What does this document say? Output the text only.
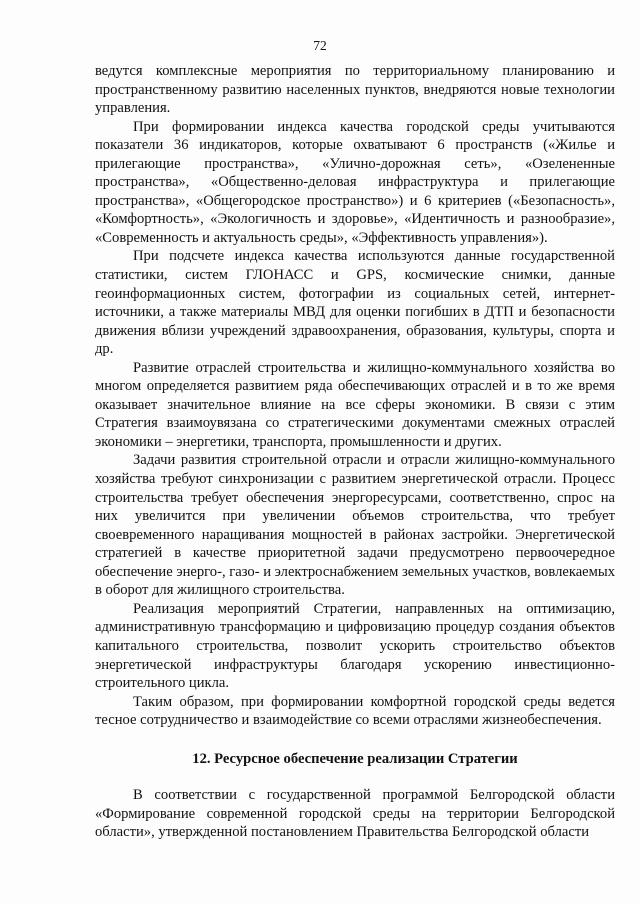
72

ведутся комплексные мероприятия по территориальному планированию и пространственному развитию населенных пунктов, внедряются новые технологии управления.

При формировании индекса качества городской среды учитываются показатели 36 индикаторов, которые охватывают 6 пространств («Жилье и прилегающие пространства», «Улично-дорожная сеть», «Озелененные пространства», «Общественно-деловая инфраструктура и прилегающие пространства», «Общегородское пространство») и 6 критериев («Безопасность», «Комфортность», «Экологичность и здоровье», «Идентичность и разнообразие», «Современность и актуальность среды», «Эффективность управления»).

При подсчете индекса качества используются данные государственной статистики, систем ГЛОНАСС и GPS, космические снимки, данные геоинформационных систем, фотографии из социальных сетей, интернет-источники, а также материалы МВД для оценки погибших в ДТП и безопасности движения вблизи учреждений здравоохранения, образования, культуры, спорта и др.

Развитие отраслей строительства и жилищно-коммунального хозяйства во многом определяется развитием ряда обеспечивающих отраслей и в то же время оказывает значительное влияние на все сферы экономики. В связи с этим Стратегия взаимоувязана со стратегическими документами смежных отраслей экономики – энергетики, транспорта, промышленности и других.

Задачи развития строительной отрасли и отрасли жилищно-коммунального хозяйства требуют синхронизации с развитием энергетической отрасли. Процесс строительства требует обеспечения энергоресурсами, соответственно, спрос на них увеличится при увеличении объемов строительства, что требует своевременного наращивания мощностей в районах застройки. Энергетической стратегией в качестве приоритетной задачи предусмотрено первоочередное обеспечение энерго-, газо- и электроснабжением земельных участков, вовлекаемых в оборот для жилищного строительства.

Реализация мероприятий Стратегии, направленных на оптимизацию, административную трансформацию и цифровизацию процедур создания объектов капитального строительства, позволит ускорить строительство объектов энергетической инфраструктуры благодаря ускорению инвестиционно-строительного цикла.

Таким образом, при формировании комфортной городской среды ведется тесное сотрудничество и взаимодействие со всеми отраслями жизнеобеспечения.

12. Ресурсное обеспечение реализации Стратегии

В соответствии с государственной программой Белгородской области «Формирование современной городской среды на территории Белгородской области», утвержденной постановлением Правительства Белгородской области
